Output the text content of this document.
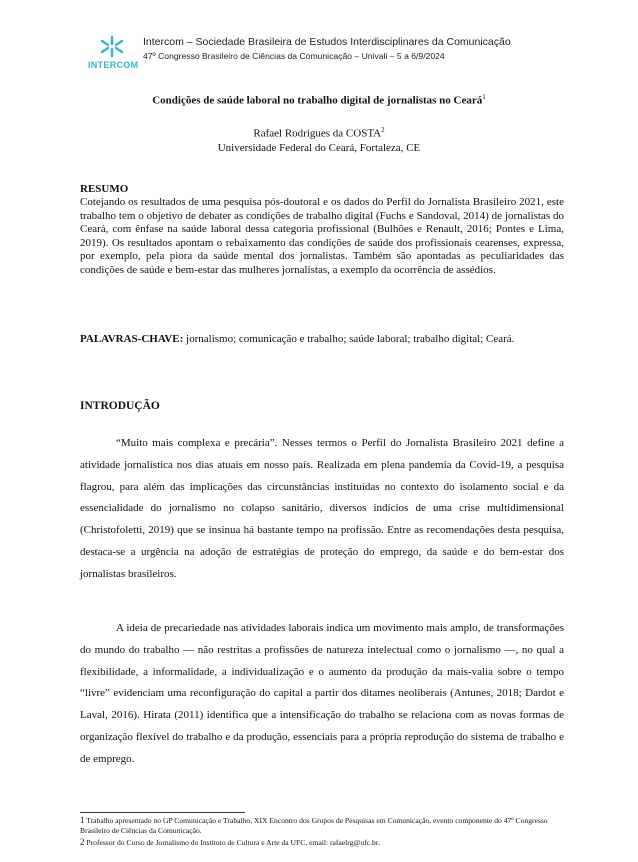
INTERCOM
Intercom – Sociedade Brasileira de Estudos Interdisciplinares da Comunicação
47º Congresso Brasileiro de Ciências da Comunicação – Univali – 5 a 6/9/2024
Condições de saúde laboral no trabalho digital de jornalistas no Ceará$^1$
Rafael Rodrigues da COSTA$^2$
Universidade Federal do Ceará, Fortaleza, CE
RESUMO
Cotejando os resultados de uma pesquisa pós-doutoral e os dados do Perfil do Jornalista Brasileiro 2021, este trabalho tem o objetivo de debater as condições de trabalho digital (Fuchs e Sandoval, 2014) de jornalistas do Ceará, com ênfase na saúde laboral dessa categoria profissional (Bulhões e Renault, 2016; Pontes e Lima, 2019). Os resultados apontam o rebaixamento das condições de saúde dos profissionais cearenses, expressa, por exemplo, pela piora da saúde mental dos jornalistas. Também são apontadas as peculiaridades das condições de saúde e bem-estar das mulheres jornalistas, a exemplo da ocorrência de assédios.
PALAVRAS-CHAVE: jornalismo; comunicação e trabalho; saúde laboral; trabalho digital; Ceará.
INTRODUÇÃO
“Muito mais complexa e precária”. Nesses termos o Perfil do Jornalista Brasileiro 2021 define a atividade jornalística nos dias atuais em nosso país. Realizada em plena pandemia da Covid-19, a pesquisa flagrou, para além das implicações das circunstâncias instituídas no contexto do isolamento social e da essencialidade do jornalismo no colapso sanitário, diversos indícios de uma crise multidimensional (Christofoletti, 2019) que se insinua há bastante tempo na profissão. Entre as recomendações desta pesquisa, destaca-se a urgência na adoção de estratégias de proteção do emprego, da saúde e do bem-estar dos jornalistas brasileiros.
A ideia de precariedade nas atividades laborais indica um movimento mais amplo, de transformações do mundo do trabalho — não restritas a profissões de natureza intelectual como o jornalismo —, no qual a flexibilidade, a informalidade, a individualização e o aumento da produção da mais-valia sobre o tempo “livre” evidenciam uma reconfiguração do capital a partir dos ditames neoliberais (Antunes, 2018; Dardot e Laval, 2016). Hirata (2011) identifica que a intensificação do trabalho se relaciona com as novas formas de organização flexível do trabalho e da produção, essenciais para a própria reprodução do sistema de trabalho e de emprego.
1 Trabalho apresentado no GP Comunicação e Trabalho, XIX Encontro dos Grupos de Pesquisas em Comunicação, evento componente do 47º Congresso Brasileiro de Ciências da Comunicação.
2 Professor do Curso de Jornalismo do Instituto de Cultura e Arte da UFC, email: rafaelrg@ufc.br.
